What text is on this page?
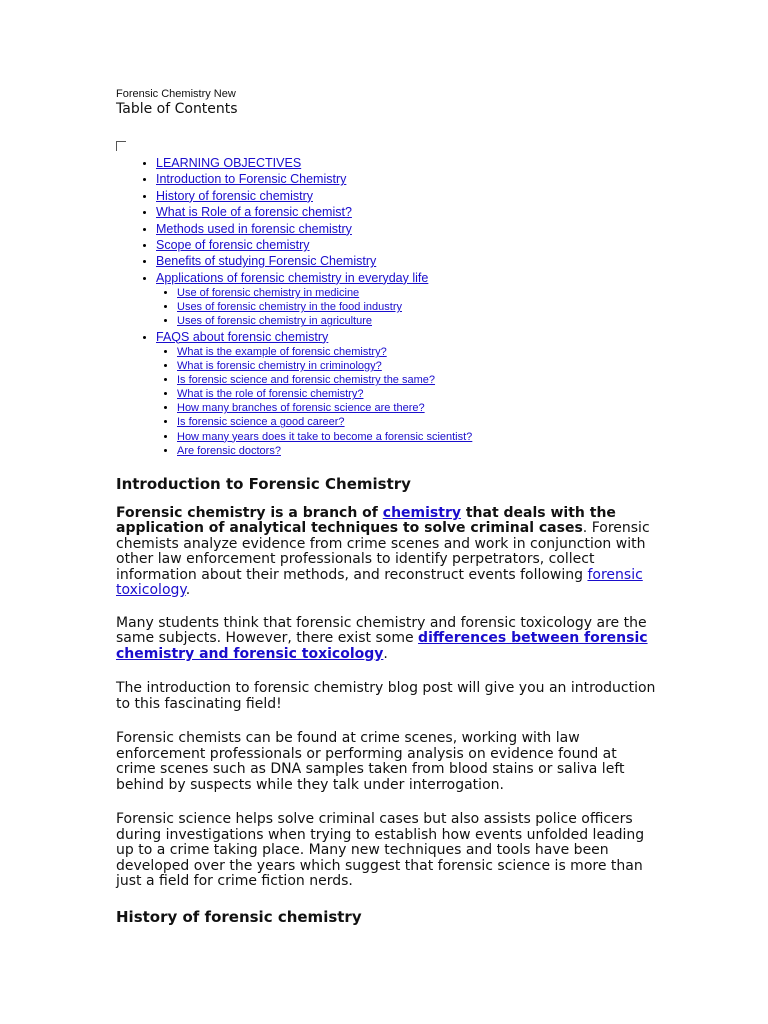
Forensic Chemistry New

Table of Contents

• LEARNING OBJECTIVES
• Introduction to Forensic Chemistry
• History of forensic chemistry
• What is Role of a forensic chemist?
• Methods used in forensic chemistry
• Scope of forensic chemistry
• Benefits of studying Forensic Chemistry
• Applications of forensic chemistry in everyday life
• Use of forensic chemistry in medicine
• Uses of forensic chemistry in the food industry
• Uses of forensic chemistry in agriculture
• FAQS about forensic chemistry
• What is the example of forensic chemistry?
• What is forensic chemistry in criminology?
• Is forensic science and forensic chemistry the same?
• What is the role of forensic chemistry?
• How many branches of forensic science are there?
• Is forensic science a good career?
• How many years does it take to become a forensic scientist?
• Are forensic doctors?
Introduction to Forensic Chemistry

Forensic chemistry is a branch of chemistry that deals with the application of analytical techniques to solve criminal cases. Forensic chemists analyze evidence from crime scenes and work in conjunction with other law enforcement professionals to identify perpetrators, collect information about their methods, and reconstruct events following forensic toxicology.

Many students think that forensic chemistry and forensic toxicology are the same subjects. However, there exist some differences between forensic chemistry and forensic toxicology.

The introduction to forensic chemistry blog post will give you an introduction to this fascinating field!

Forensic chemists can be found at crime scenes, working with law enforcement professionals or performing analysis on evidence found at crime scenes such as DNA samples taken from blood stains or saliva left behind by suspects while they talk under interrogation.

Forensic science helps solve criminal cases but also assists police officers during investigations when trying to establish how events unfolded leading up to a crime taking place. Many new techniques and tools have been developed over the years which suggest that forensic science is more than just a field for crime fiction nerds.

History of forensic chemistry
